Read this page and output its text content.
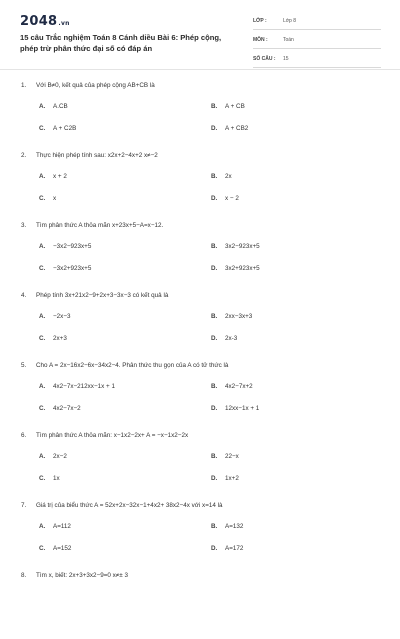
2048.vn
15 câu Trắc nghiệm Toán 8 Cánh diều Bài 6: Phép cộng, phép trừ phân thức đại số có đáp án
LỚP :	Lớp 8
MÔN :	Toán
SỐ CÂU : 15
1. Với B≠0, kết quả của phép cộng AB+CB là
A. A.CB	B. A + CB
C. A + C2B	D. A + CB2
2. Thực hiện phép tính sau: x2x+2−4x+2 x≠−2
A. x + 2	B. 2x
C. x	D. x − 2
3. Tìm phân thức A thỏa mãn x+23x+5−A=x−12.
A. −3x2−923x+5	B. 3x2−923x+5
C. −3x2+923x+5	D. 3x2+923x+5
4. Phép tính 3x+21x2−9+2x+3−3x−3 có kết quả là
A. −2x−3	B. 2xx−3x+3
C. 2x+3	D. 2x-3
5. Cho A = 2x−16x2−6x−34x2−4. Phân thức thu gọn của A có tử thức là
A. 4x2−7x−212xx−1x + 1	B. 4x2−7x+2
C. 4x2−7x−2	D. 12xx−1x + 1
6. Tìm phân thức A thỏa mãn: x−1x2−2x+ A = −x−1x2−2x
A. 2x−2	B. 22−x
C. 1x	D. 1x+2
7. Giá trị của biểu thức A = 52x+2x−32x−1+4x2+ 38x2−4x với x=14 là
A. A=112	B. A=132
C. A=152	D. A=172
8. Tìm x, biết: 2x+3+3x2−9=0 x≠± 3
